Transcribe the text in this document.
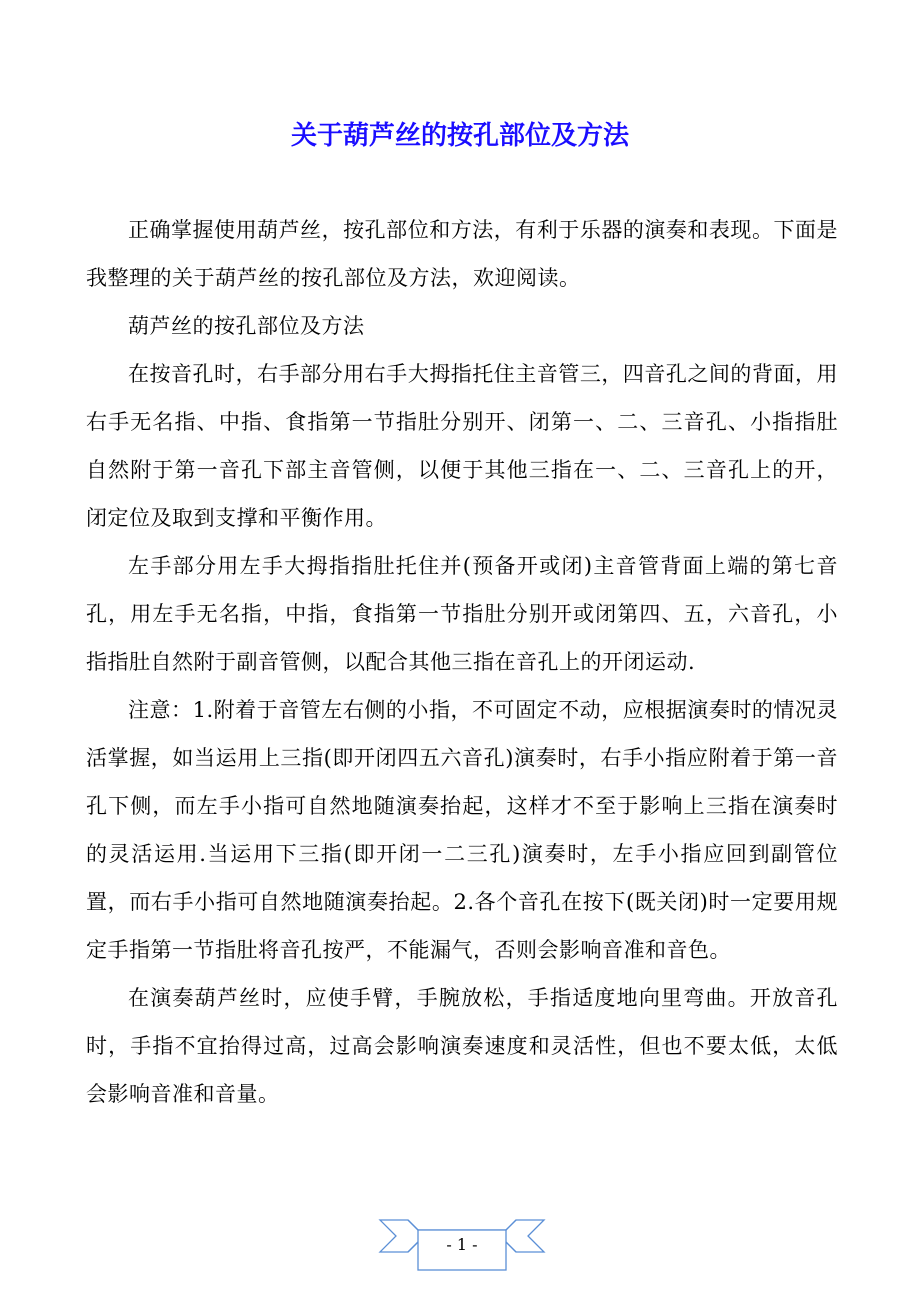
关于葫芦丝的按孔部位及方法

正确掌握使用葫芦丝，按孔部位和方法，有利于乐器的演奏和表现。下面是我整理的关于葫芦丝的按孔部位及方法，欢迎阅读。

葫芦丝的按孔部位及方法

在按音孔时，右手部分用右手大拇指托住主音管三，四音孔之间的背面，用右手无名指、中指、食指第一节指肚分别开、闭第一、二、三音孔、小指指肚自然附于第一音孔下部主音管侧，以便于其他三指在一、二、三音孔上的开，闭定位及取到支撑和平衡作用。

左手部分用左手大拇指指肚托住并(预备开或闭)主音管背面上端的第七音孔，用左手无名指，中指，食指第一节指肚分别开或闭第四、五，六音孔，小指指肚自然附于副音管侧，以配合其他三指在音孔上的开闭运动.

注意：1.附着于音管左右侧的小指，不可固定不动，应根据演奏时的情况灵活掌握，如当运用上三指(即开闭四五六音孔)演奏时，右手小指应附着于第一音孔下侧，而左手小指可自然地随演奏抬起，这样才不至于影响上三指在演奏时的灵活运用.当运用下三指(即开闭一二三孔)演奏时，左手小指应回到副管位置，而右手小指可自然地随演奏抬起。2.各个音孔在按下(既关闭)时一定要用规定手指第一节指肚将音孔按严，不能漏气，否则会影响音准和音色。

在演奏葫芦丝时，应使手臂，手腕放松，手指适度地向里弯曲。开放音孔时，手指不宜抬得过高，过高会影响演奏速度和灵活性，但也不要太低，太低会影响音准和音量。

- 1 -
